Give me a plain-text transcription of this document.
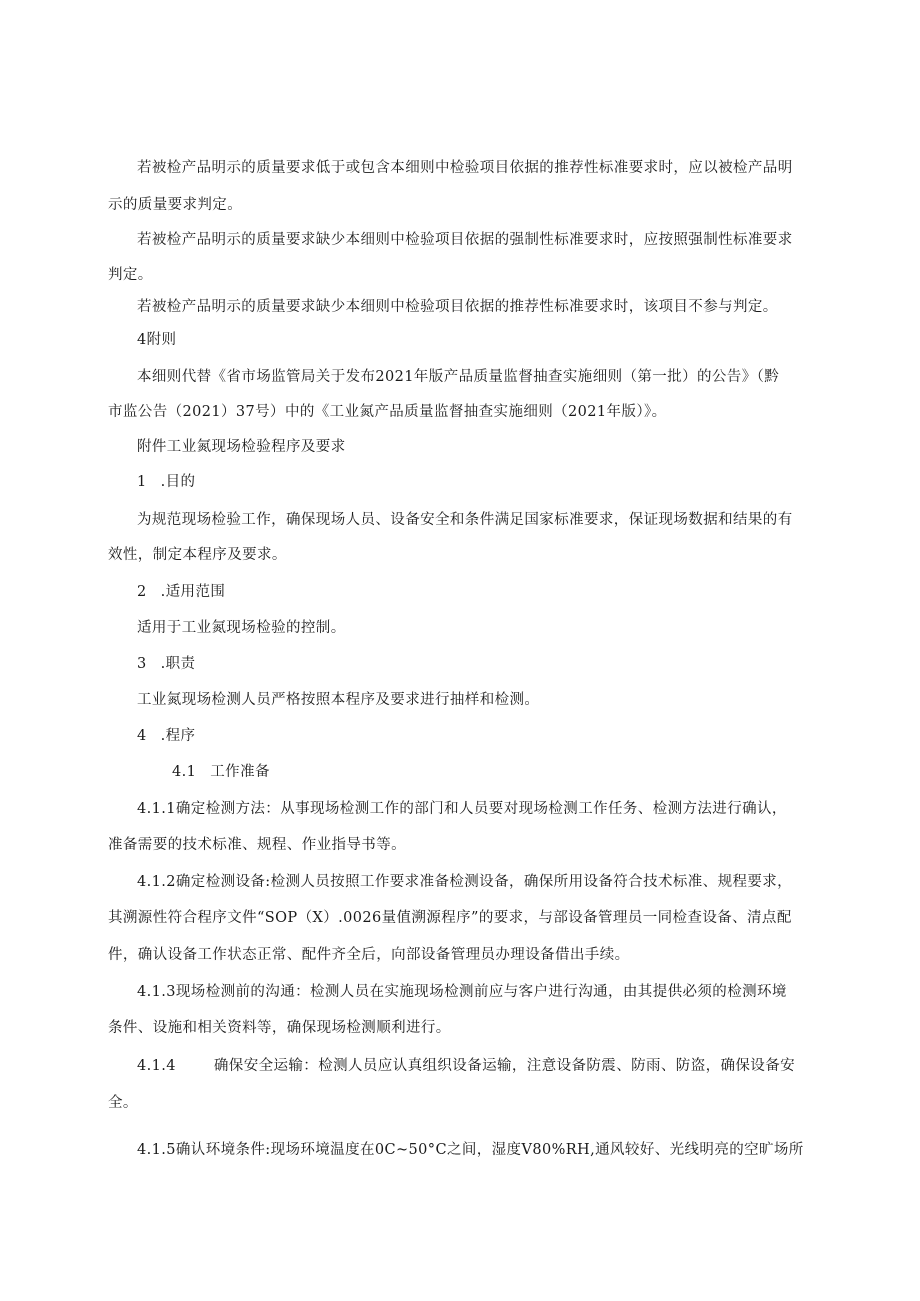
若被检产品明示的质量要求低于或包含本细则中检验项目依据的推荐性标准要求时，应以被检产品明
示的质量要求判定。
若被检产品明示的质量要求缺少本细则中检验项目依据的强制性标准要求时，应按照强制性标准要求
判定。
若被检产品明示的质量要求缺少本细则中检验项目依据的推荐性标准要求时，该项目不参与判定。
4附则
本细则代替《省市场监管局关于发布2021年版产品质量监督抽查实施细则（第一批）的公告》（黔
市监公告（2021）37号）中的《工业氮产品质量监督抽查实施细则（2021年版）》。
附件工业氮现场检验程序及要求
1 .目的
为规范现场检验工作，确保现场人员、设备安全和条件满足国家标准要求，保证现场数据和结果的有
效性，制定本程序及要求。
2 .适用范围
适用于工业氮现场检验的控制。
3 .职责
工业氮现场检测人员严格按照本程序及要求进行抽样和检测。
4 .程序
4.1 工作准备
4.1.1确定检测方法：从事现场检测工作的部门和人员要对现场检测工作任务、检测方法进行确认，
准备需要的技术标准、规程、作业指导书等。
4.1.2确定检测设备:检测人员按照工作要求准备检测设备，确保所用设备符合技术标准、规程要求，
其溯源性符合程序文件“SOP（X）.0026量值溯源程序”的要求，与部设备管理员一同检查设备、清点配
件，确认设备工作状态正常、配件齐全后，向部设备管理员办理设备借出手续。
4.1.3现场检测前的沟通：检测人员在实施现场检测前应与客户进行沟通，由其提供必须的检测环境
条件、设施和相关资料等，确保现场检测顺利进行。
4.1.4	确保安全运输：检测人员应认真组织设备运输，注意设备防震、防雨、防盗，确保设备安
全。
4.1.5确认环境条件:现场环境温度在0C~50°C之间，湿度V80%RH,通风较好、光线明亮的空旷场所
